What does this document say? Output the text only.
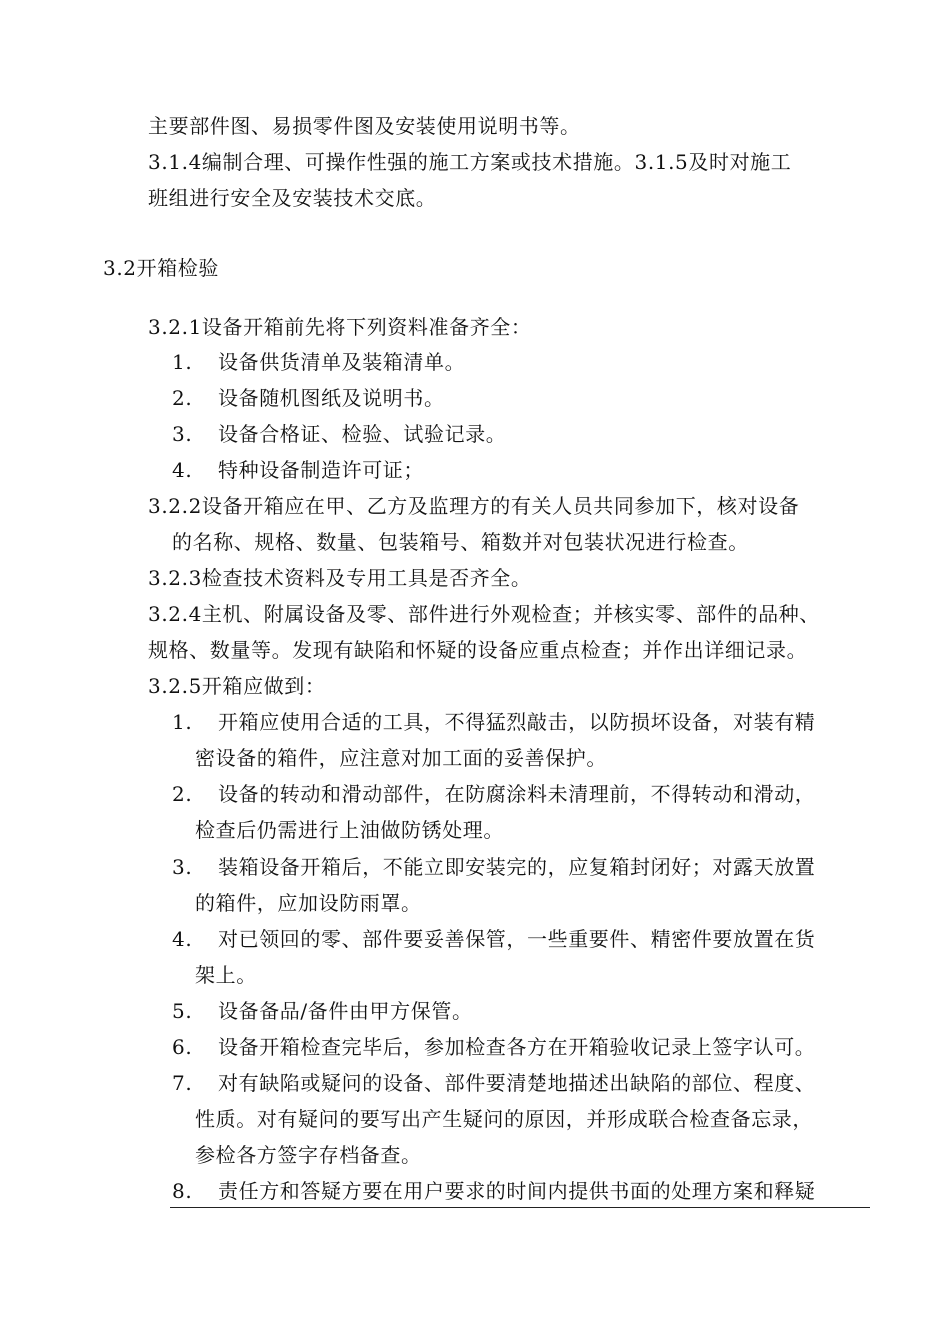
主要部件图、易损零件图及安装使用说明书等。
3.1.4编制合理、可操作性强的施工方案或技术措施。3.1.5及时对施工
班组进行安全及安装技术交底。
3.2开箱检验
3.2.1设备开箱前先将下列资料准备齐全：
1. 设备供货清单及装箱清单。
2. 设备随机图纸及说明书。
3. 设备合格证、检验、试验记录。
4. 特种设备制造许可证；
3.2.2设备开箱应在甲、乙方及监理方的有关人员共同参加下，核对设备
的名称、规格、数量、包装箱号、箱数并对包装状况进行检查。
3.2.3检查技术资料及专用工具是否齐全。
3.2.4主机、附属设备及零、部件进行外观检查；并核实零、部件的品种、
规格、数量等。发现有缺陷和怀疑的设备应重点检查；并作出详细记录。
3.2.5开箱应做到：
1. 开箱应使用合适的工具，不得猛烈敲击，以防损坏设备，对装有精
密设备的箱件，应注意对加工面的妥善保护。
2. 设备的转动和滑动部件，在防腐涂料未清理前，不得转动和滑动，
检查后仍需进行上油做防锈处理。
3. 装箱设备开箱后，不能立即安装完的，应复箱封闭好；对露天放置
的箱件，应加设防雨罩。
4. 对已领回的零、部件要妥善保管，一些重要件、精密件要放置在货
架上。
5. 设备备品/备件由甲方保管。
6. 设备开箱检查完毕后，参加检查各方在开箱验收记录上签字认可。
7. 对有缺陷或疑问的设备、部件要清楚地描述出缺陷的部位、程度、
性质。对有疑问的要写出产生疑问的原因，并形成联合检查备忘录，
参检各方签字存档备查。
8. 责任方和答疑方要在用户要求的时间内提供书面的处理方案和释疑
